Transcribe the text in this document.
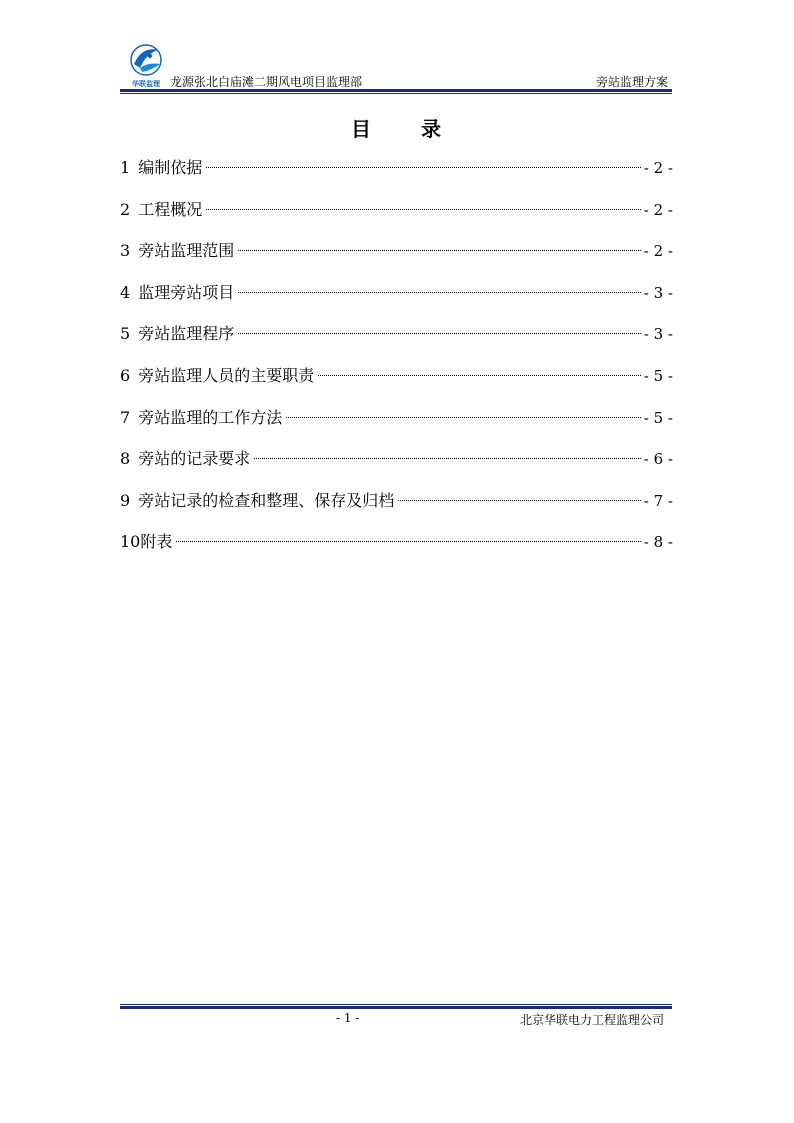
华联监理 龙源张北白庙滩二期风电项目监理部	旁站监理方案
目 录
1 编制依据	- 2 -
2 工程概况	- 2 -
3 旁站监理范围	- 2 -
4 监理旁站项目	- 3 -
5 旁站监理程序	- 3 -
6 旁站监理人员的主要职责	- 5 -
7 旁站监理的工作方法	- 5 -
8 旁站的记录要求	- 6 -
9 旁站记录的检查和整理、保存及归档	- 7 -
10 附表	- 8 -
- 1 -	北京华联电力工程监理公司
